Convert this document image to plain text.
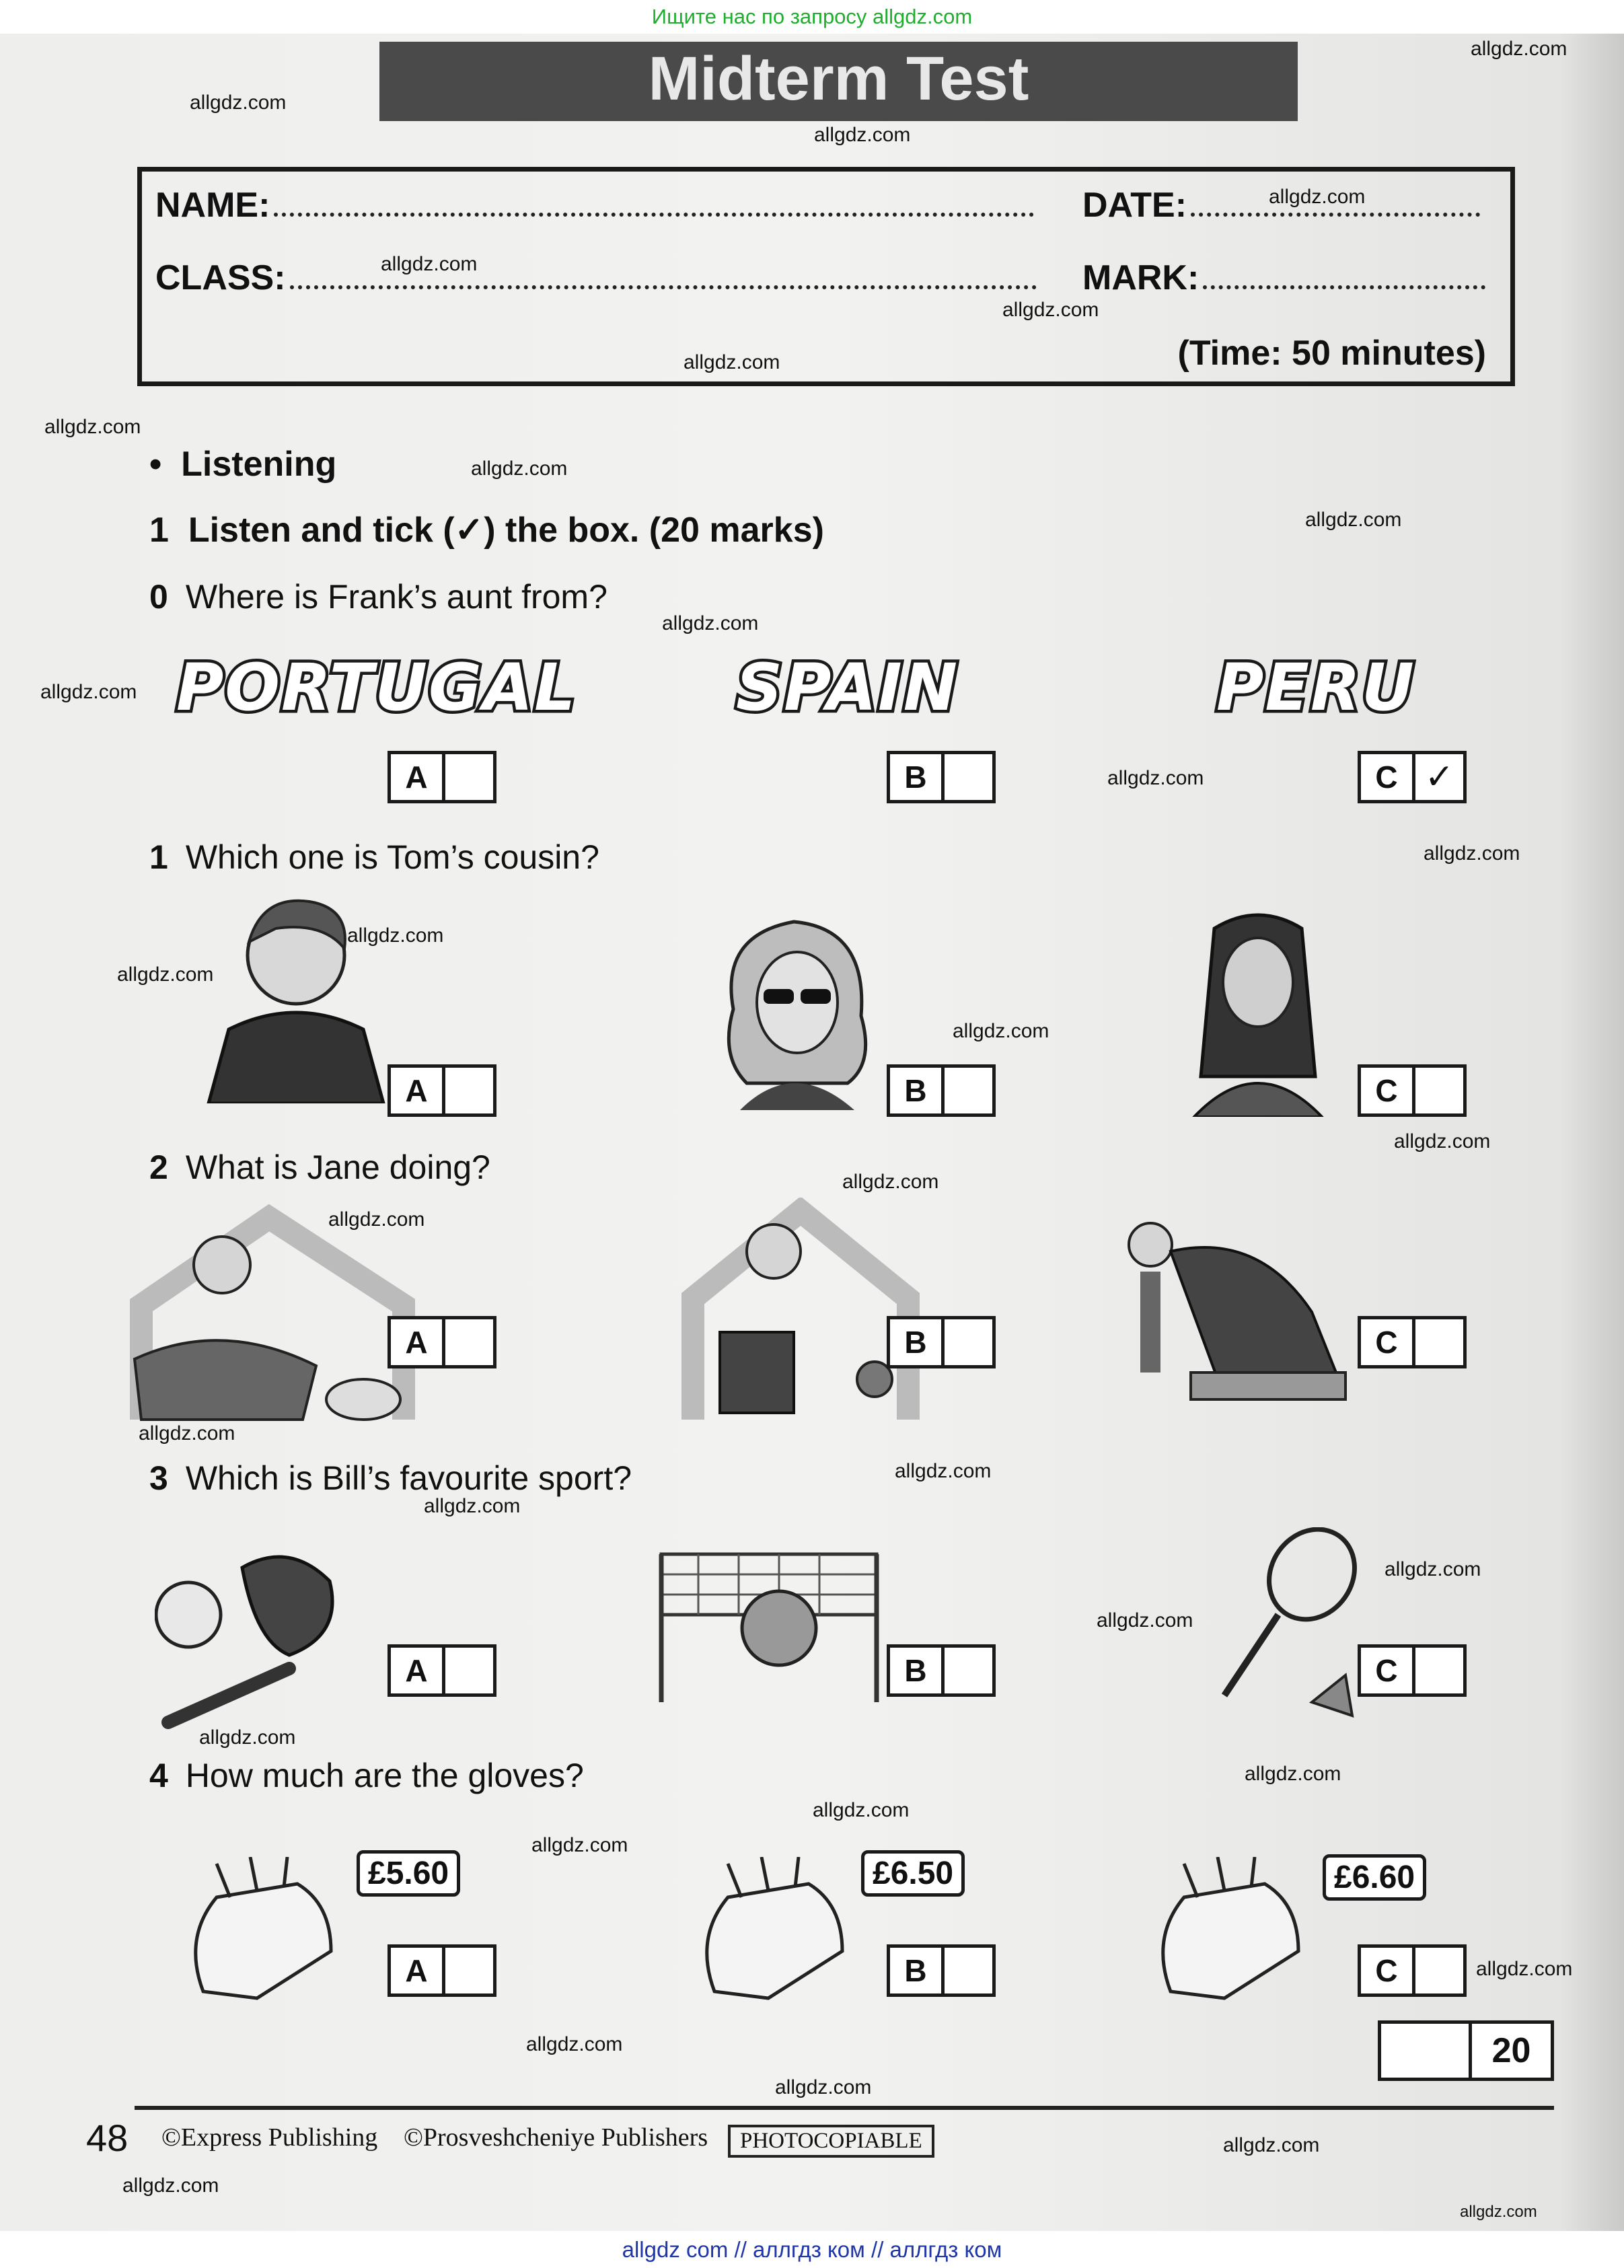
Ищите нас по запросу allgdz.com
Midterm Test
NAME:	DATE:
CLASS:	MARK:
(Time: 50 minutes)
• Listening
1 Listen and tick (✓) the box. (20 marks)
0 Where is Frank’s aunt from?
PORTUGAL SPAIN	PERU
A	B	C ✓
1 Which one is Tom’s cousin?
A	B	C
2 What is Jane doing?
A	B	C
3 Which is Bill’s favourite sport?
A	B	C
4 How much are the gloves?
£5.60	£6.50	£6.60
A	B	C
20
48 ©Express Publishing ©Prosveshcheniye Publishers	PHOTOCOPIABLE
allgdz.com
allgdz.com
allgdz.com
allgdz.com
allgdz.com
allgdz.com
allgdz.com
allgdz.com
allgdz.com
allgdz.com
allgdz.com
allgdz.com
allgdz.com
allgdz.com
allgdz.com
allgdz.com
allgdz.com
allgdz.com
allgdz.com
allgdz.com
allgdz.com
allgdz.com
allgdz.com
allgdz.com
allgdz.com
allgdz.com
allgdz.com
allgdz.com
allgdz.com
allgdz.com
allgdz.com
allgdz.com
allgdz.com
allgdz.com
allgdz.com
allgdz com // аллгдз ком // аллгдз ком
